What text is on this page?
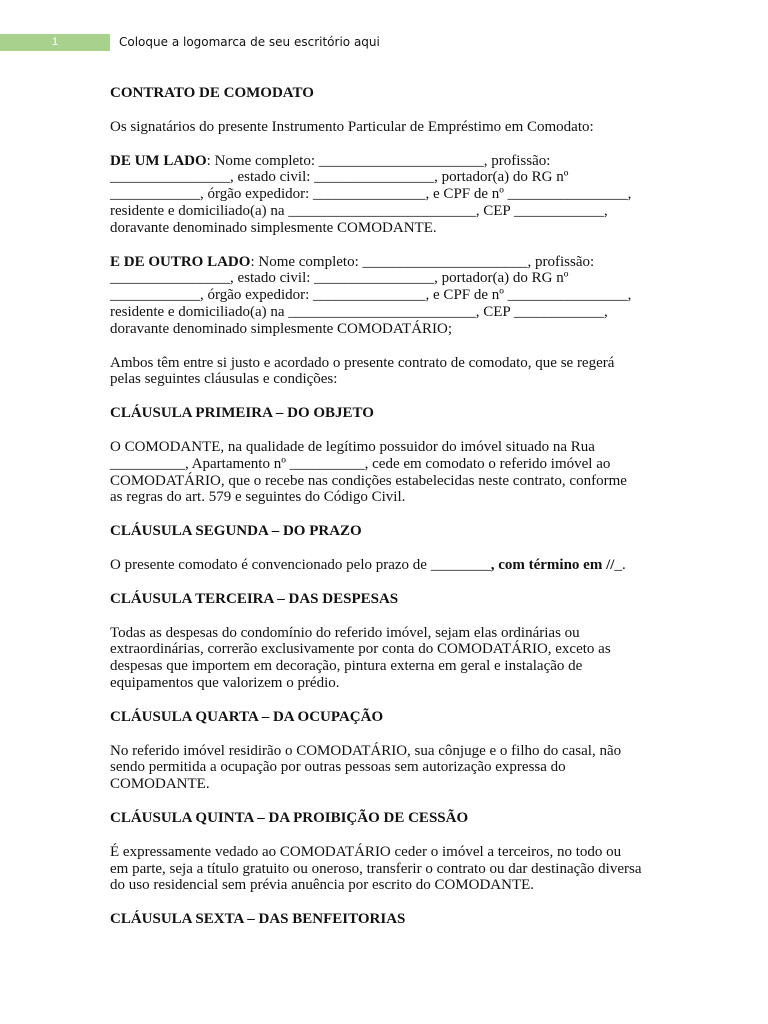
1	Coloque a logomarca de seu escritório aqui

CONTRATO DE COMODATO

Os signatários do presente Instrumento Particular de Empréstimo em Comodato:

DE UM LADO: Nome completo: ______________________, profissão:
________________, estado civil: ________________, portador(a) do RG nº
____________, órgão expedidor: _______________, e CPF de nº ________________,
residente e domiciliado(a) na _________________________, CEP ____________,
doravante denominado simplesmente COMODANTE.

E DE OUTRO LADO: Nome completo: ______________________, profissão:
________________, estado civil: ________________, portador(a) do RG nº
____________, órgão expedidor: _______________, e CPF de nº ________________,
residente e domiciliado(a) na _________________________, CEP ____________,
doravante denominado simplesmente COMODATÁRIO;

Ambos têm entre si justo e acordado o presente contrato de comodato, que se regerá
pelas seguintes cláusulas e condições:

CLÁUSULA PRIMEIRA – DO OBJETO

O COMODANTE, na qualidade de legítimo possuidor do imóvel situado na Rua
__________, Apartamento nº __________, cede em comodato o referido imóvel ao
COMODATÁRIO, que o recebe nas condições estabelecidas neste contrato, conforme
as regras do art. 579 e seguintes do Código Civil.

CLÁUSULA SEGUNDA – DO PRAZO

O presente comodato é convencionado pelo prazo de ________, com término em //_.

CLÁUSULA TERCEIRA – DAS DESPESAS

Todas as despesas do condomínio do referido imóvel, sejam elas ordinárias ou
extraordinárias, correrão exclusivamente por conta do COMODATÁRIO, exceto as
despesas que importem em decoração, pintura externa em geral e instalação de
equipamentos que valorizem o prédio.

CLÁUSULA QUARTA – DA OCUPAÇÃO

No referido imóvel residirão o COMODATÁRIO, sua cônjuge e o filho do casal, não
sendo permitida a ocupação por outras pessoas sem autorização expressa do
COMODANTE.

CLÁUSULA QUINTA – DA PROIBIÇÃO DE CESSÃO

É expressamente vedado ao COMODATÁRIO ceder o imóvel a terceiros, no todo ou
em parte, seja a título gratuito ou oneroso, transferir o contrato ou dar destinação diversa
do uso residencial sem prévia anuência por escrito do COMODANTE.

CLÁUSULA SEXTA – DAS BENFEITORIAS
